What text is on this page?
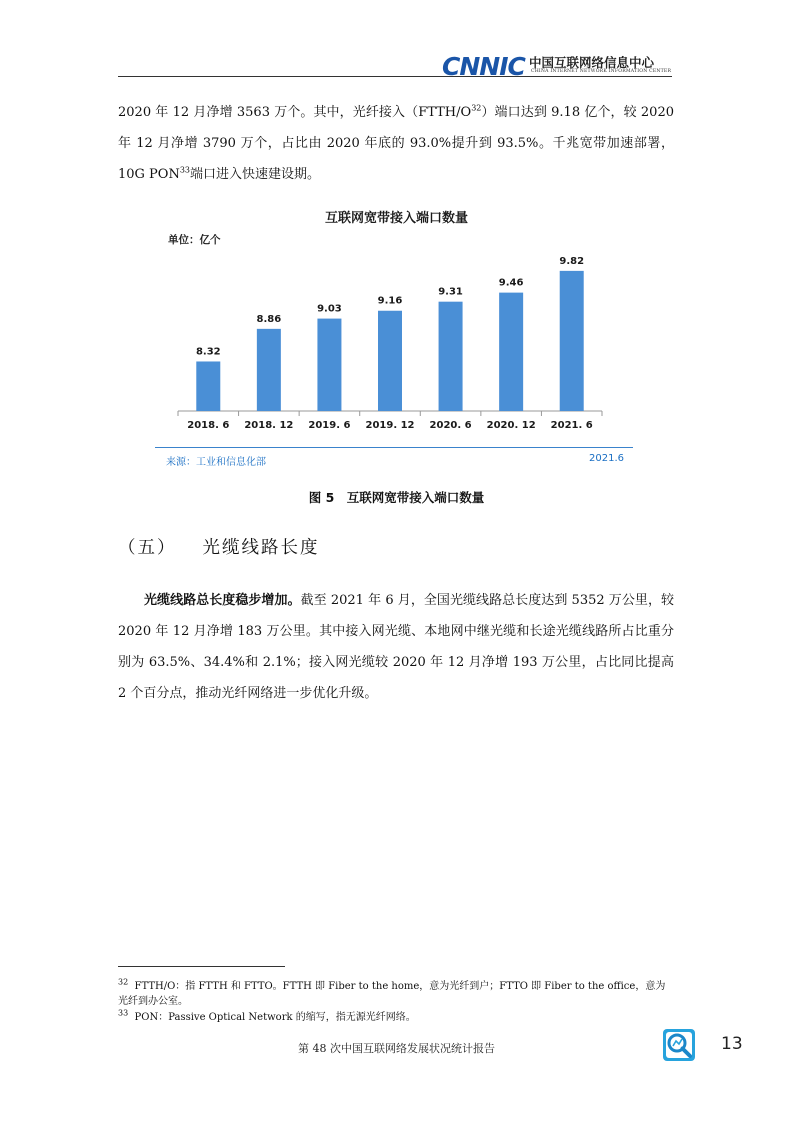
CNNIC 中国互联网络信息中心
CHINA INTERNET NETWORK INFORMATION CENTER

2020 年 12 月净增 3563 万个。其中，光纤接入$(FTTH/O^{32})$端口达到 9.18 亿个，较 2020 年 12 月净增 3790 万个，占比由 2020 年底的 93.0%提升到 93.5%。千兆宽带加速部署，10G PON$^{33}$端口进入快速建设期。

互联网宽带接入端口数量
单位：亿个
8.32
2018. 6
8.86
2018. 12
9.03
2019. 6
9.16
2019. 12
9.31
2020. 6
9.46
2020. 12
9.82
2021. 6
来源：工业和信息化部	2021.6
图 5　互联网宽带接入端口数量
（五） 光缆线路长度

光缆线路总长度稳步增加。截至 2021 年 6 月，全国光缆线路总长度达到 5352 万公里，较 2020 年 12 月净增 183 万公里。其中接入网光缆、本地网中继光缆和长途光缆线路所占比重分别为 63.5%、34.4%和 2.1%；接入网光缆较 2020 年 12 月净增 193 万公里，占比同比提高 2 个百分点，推动光纤网络进一步优化升级。

$^{32}$ FTTH/O：指 FTTH 和 FTTO。FTTH 即 Fiber to the home，意为光纤到户；FTTO 即 Fiber to the office，意为光纤到办公室。

$^{33}$ PON：Passive Optical Network 的缩写，指无源光纤网络。

第 48 次中国互联网络发展状况统计报告	13
